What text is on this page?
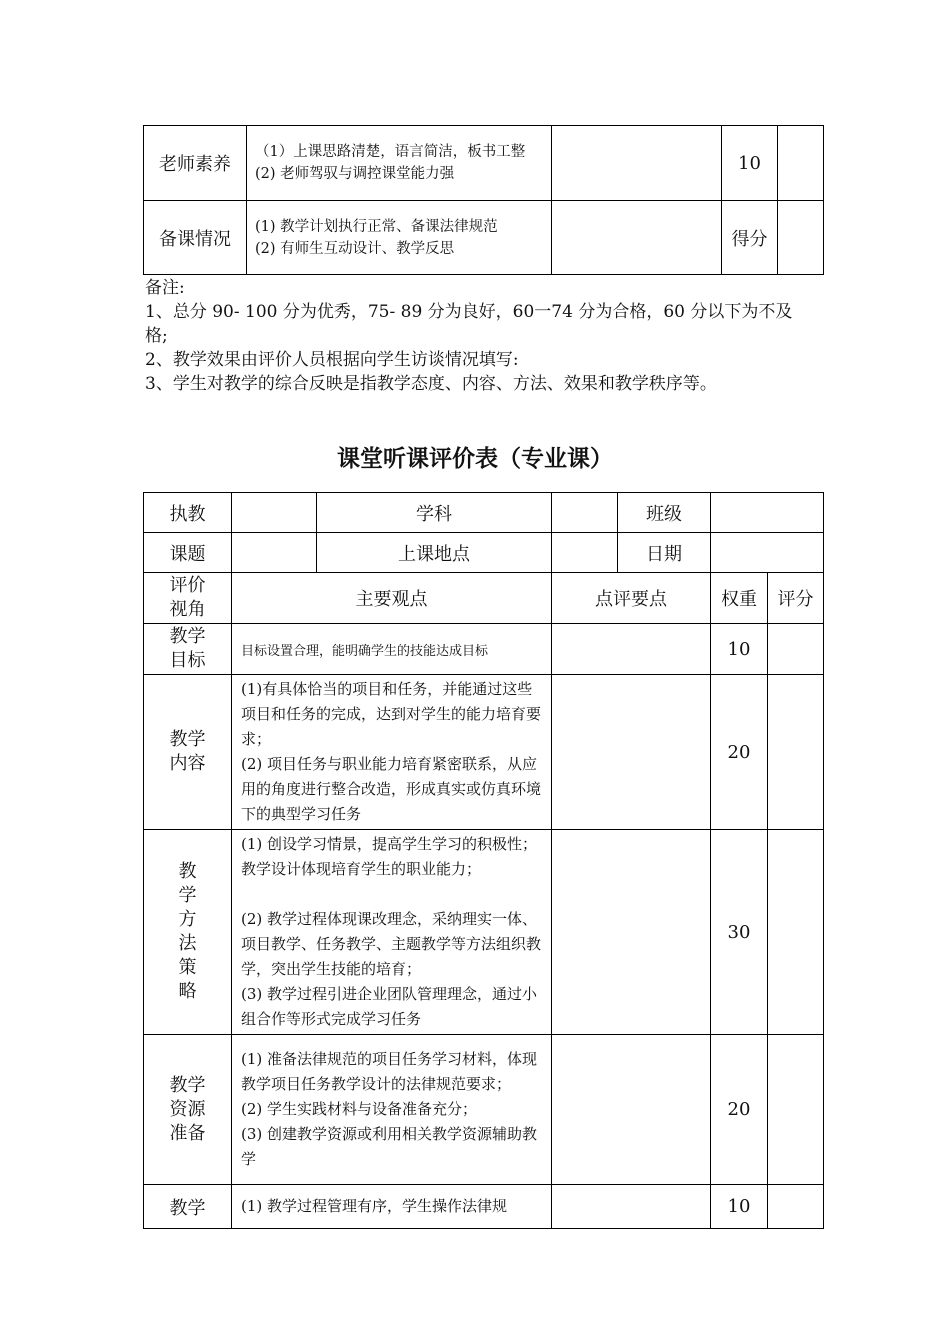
老师素养	（1）上课思路清楚，语言简洁，板书工整
(2) 老师驾驭与调控课堂能力强		10	
备课情况	(1) 教学计划执行正常、备课法律规范
(2) 有师生互动设计、教学反思		得分	
备注:
1、总分 90- 100 分为优秀，75- 89 分为良好，60一74 分为合格，60 分以下为不及格;
2、教学效果由评价人员根据向学生访谈情况填写:
3、学生对教学的综合反映是指教学态度、内容、方法、效果和教学秩序等。
课堂听课评价表（专业课）
执教		学科		班级		
课题		上课地点		日期		

评价视角	主要观点		点评要点		权重	评分

教学目标	目标设置合理，能明确学生的技能达成目标				10	

教学内容	(1)有具体恰当的项目和任务，并能通过这些项目和任务的完成，达到对学生的能力培育要求；
(2) 项目任务与职业能力培育紧密联系，从应用的角度进行整合改造，形成真实或仿真环境下的典型学习任务				20	

教学方法策略	(1) 创设学习情景，提高学生学习的积极性；教学设计体现培育学生的职业能力；

(2) 教学过程体现课改理念，采纳理实一体、项目教学、任务教学、主题教学等方法组织教学，突出学生技能的培育；
(3) 教学过程引进企业团队管理理念，通过小组合作等形式完成学习任务				30	

教学资源准备	(1) 准备法律规范的项目任务学习材料，体现教学项目任务教学设计的法律规范要求；
(2) 学生实践材料与设备准备充分；
(3) 创建教学资源或利用相关教学资源辅助教学				20	
教学	(1) 教学过程管理有序，学生操作法律规				10	
